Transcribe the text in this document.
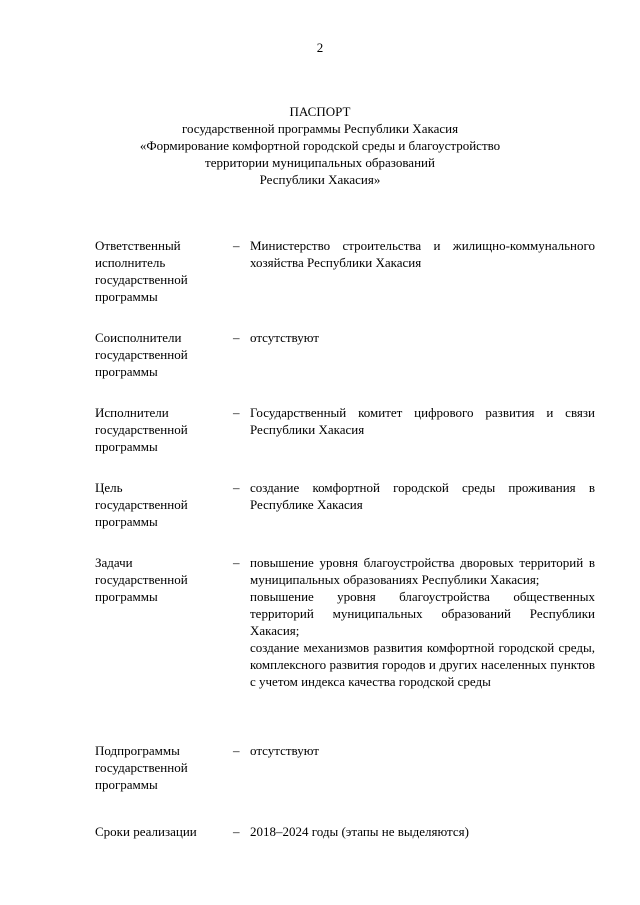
2
ПАСПОРТ
государственной программы Республики Хакасия
«Формирование комфортной городской среды и благоустройство
территории муниципальных образований
Республики Хакасия»
Ответственный
исполнитель
государственной
программы
– Министерство строительства и жилищно-коммунального хозяйства Республики Хакасия
Соисполнители
государственной
программы
– отсутствуют
Исполнители
государственной
программы
– Государственный комитет цифрового развития и связи Республики Хакасия
Цель
государственной
программы
– создание комфортной городской среды проживания в Республике Хакасия
Задачи
государственной
программы
– повышение уровня благоустройства дворовых территорий в муниципальных образованиях Республики Хакасия;
повышение уровня благоустройства общественных территорий муниципальных образований Республики Хакасия;
создание механизмов развития комфортной городской среды, комплексного развития городов и других населенных пунктов с учетом индекса качества городской среды
Подпрограммы
государственной
программы
– отсутствуют
Сроки реализации	– 2018–2024 годы (этапы не выделяются)
